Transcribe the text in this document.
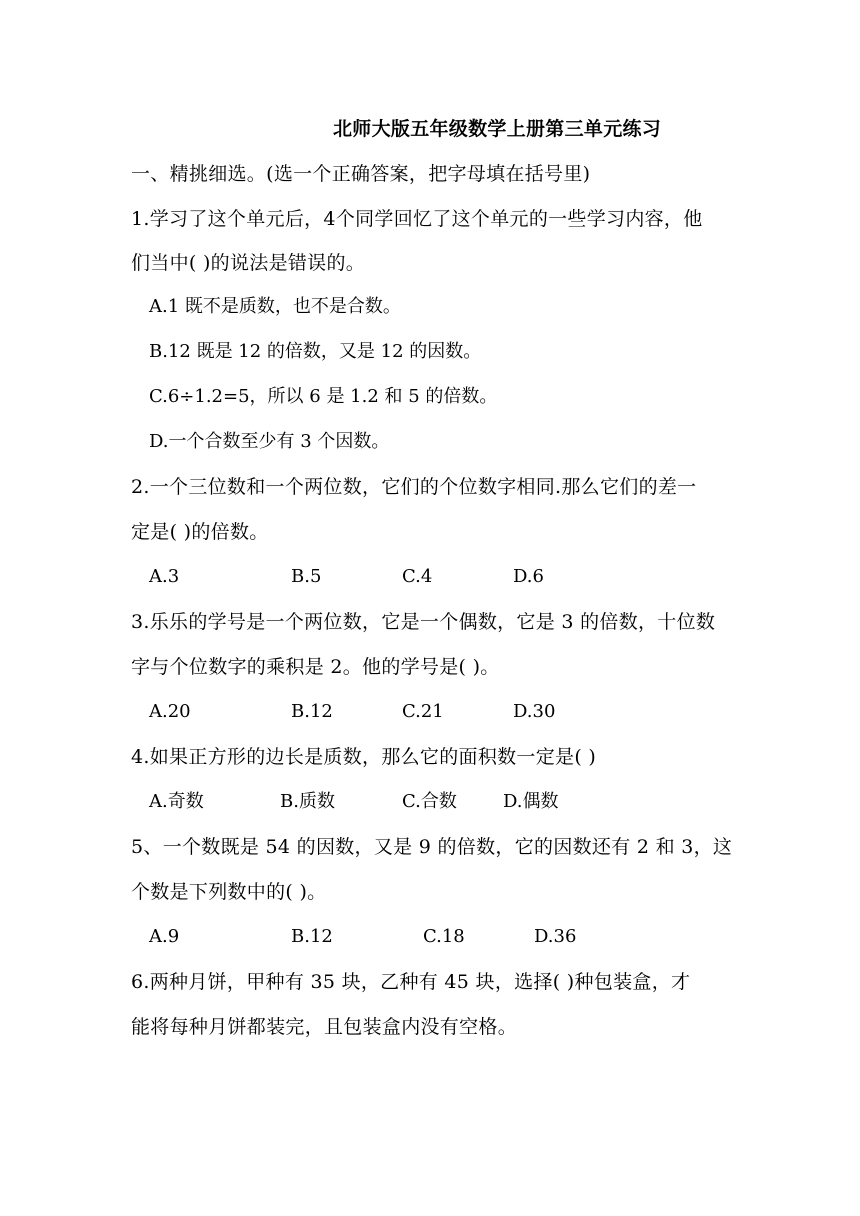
北师大版五年级数学上册第三单元练习
一、精挑细选。(选一个正确答案，把字母填在括号里)
1.学习了这个单元后，4个同学回忆了这个单元的一些学习内容，他
们当中( )的说法是错误的。
A.1 既不是质数，也不是合数。
B.12 既是 12 的倍数，又是 12 的因数。
C.6÷1.2=5，所以 6 是 1.2 和 5 的倍数。
D.一个合数至少有 3 个因数。
2.一个三位数和一个两位数，它们的个位数字相同.那么它们的差一
定是( )的倍数。
A.3	B.5	C.4	D.6
3.乐乐的学号是一个两位数，它是一个偶数，它是 3 的倍数，十位数
字与个位数字的乘积是 2。他的学号是( )。
A.20	B.12	C.21	D.30
4.如果正方形的边长是质数，那么它的面积数一定是( )
A.奇数	B.质数	C.合数	D.偶数
5、一个数既是 54 的因数，又是 9 的倍数，它的因数还有 2 和 3，这
个数是下列数中的( )。
A.9	B.12	C.18	D.36
6.两种月饼，甲种有 35 块，乙种有 45 块，选择( )种包装盒，才
能将每种月饼都装完，且包装盒内没有空格。
